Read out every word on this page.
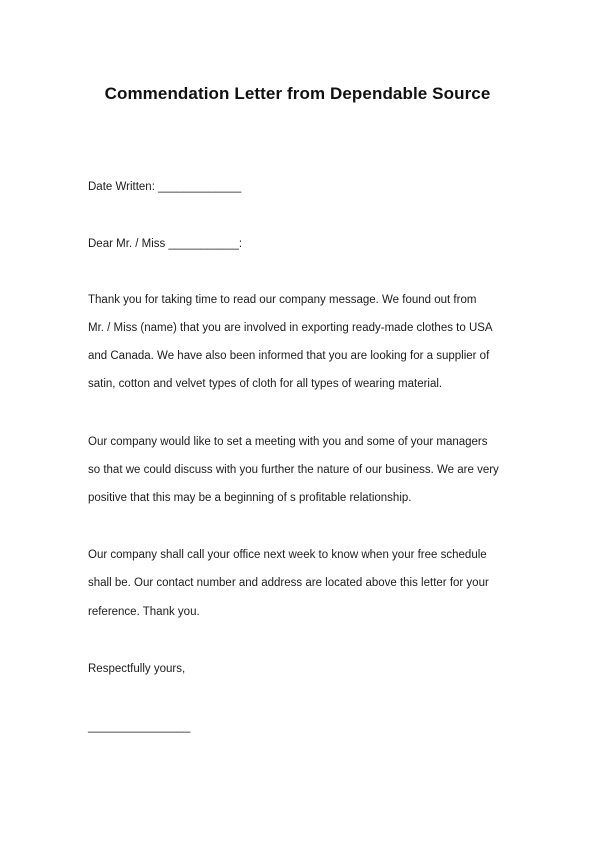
Commendation Letter from Dependable Source
Date Written: _____________
Dear Mr. / Miss ___________:
Thank you for taking time to read our company message. We found out from
Mr. / Miss (name) that you are involved in exporting ready-made clothes to USA
and Canada. We have also been informed that you are looking for a supplier of
satin, cotton and velvet types of cloth for all types of wearing material.
Our company would like to set a meeting with you and some of your managers
so that we could discuss with you further the nature of our business. We are very
positive that this may be a beginning of s profitable relationship.
Our company shall call your office next week to know when your free schedule
shall be. Our contact number and address are located above this letter for your
reference. Thank you.
Respectfully yours,
________________
